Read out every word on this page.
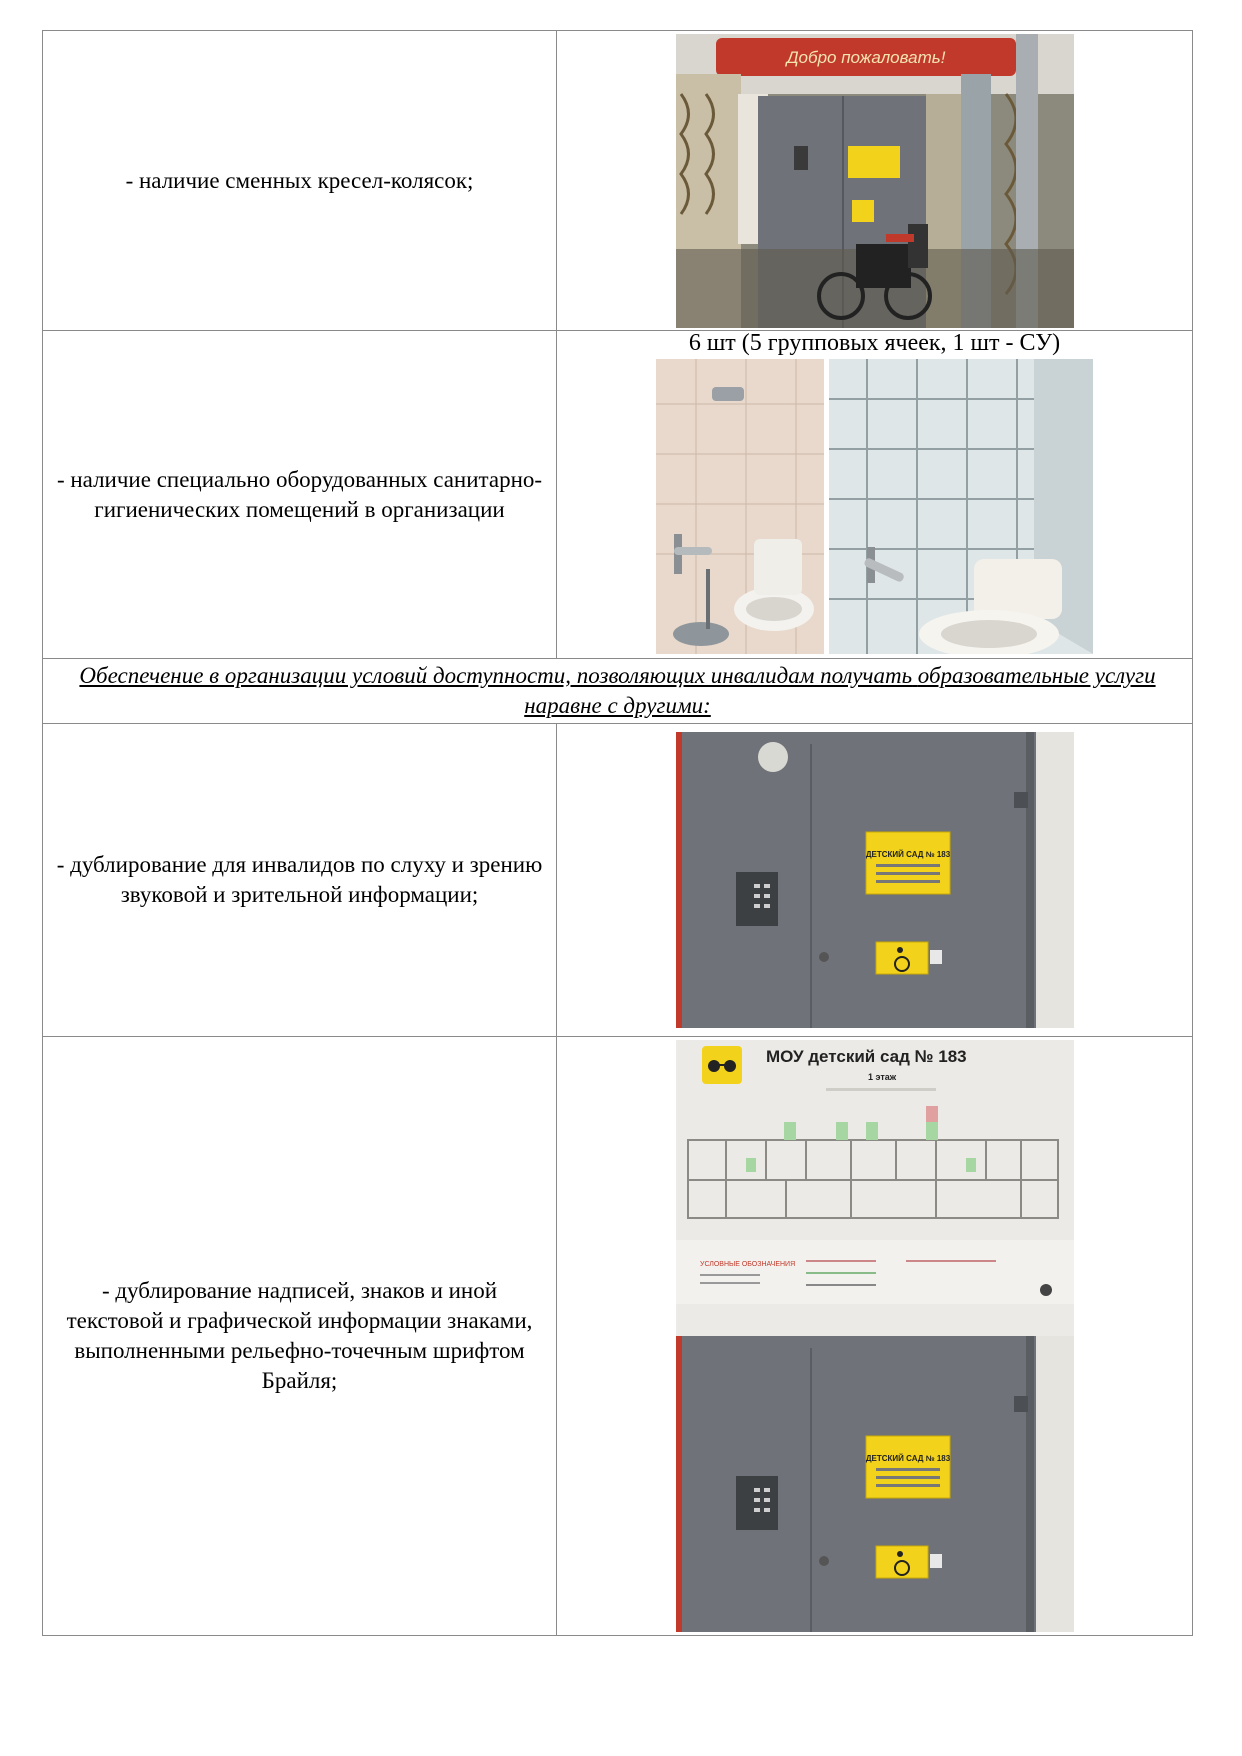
- наличие сменных кресел-колясок;	Добро пожаловать!

- наличие специально оборудованных санитарно-гигиенических помещений в организации	6 шт (5 групповых ячеек, 1 шт - СУ)

Обеспечение в организации условий доступности, позволяющих инвалидам получать образовательные услуги наравне с другими:	

- дублирование для инвалидов по слуху и зрению звуковой и зрительной информации;	ДЕТСКИЙ САД № 183

- дублирование надписей, знаков и иной текстовой и графической информации знаками, выполненными рельефно-точечным шрифтом Брайля;	МОУ детский сад № 183
1 этаж
УСЛОВНЫЕ ОБОЗНАЧЕНИЯ
ДЕТСКИЙ САД № 183
